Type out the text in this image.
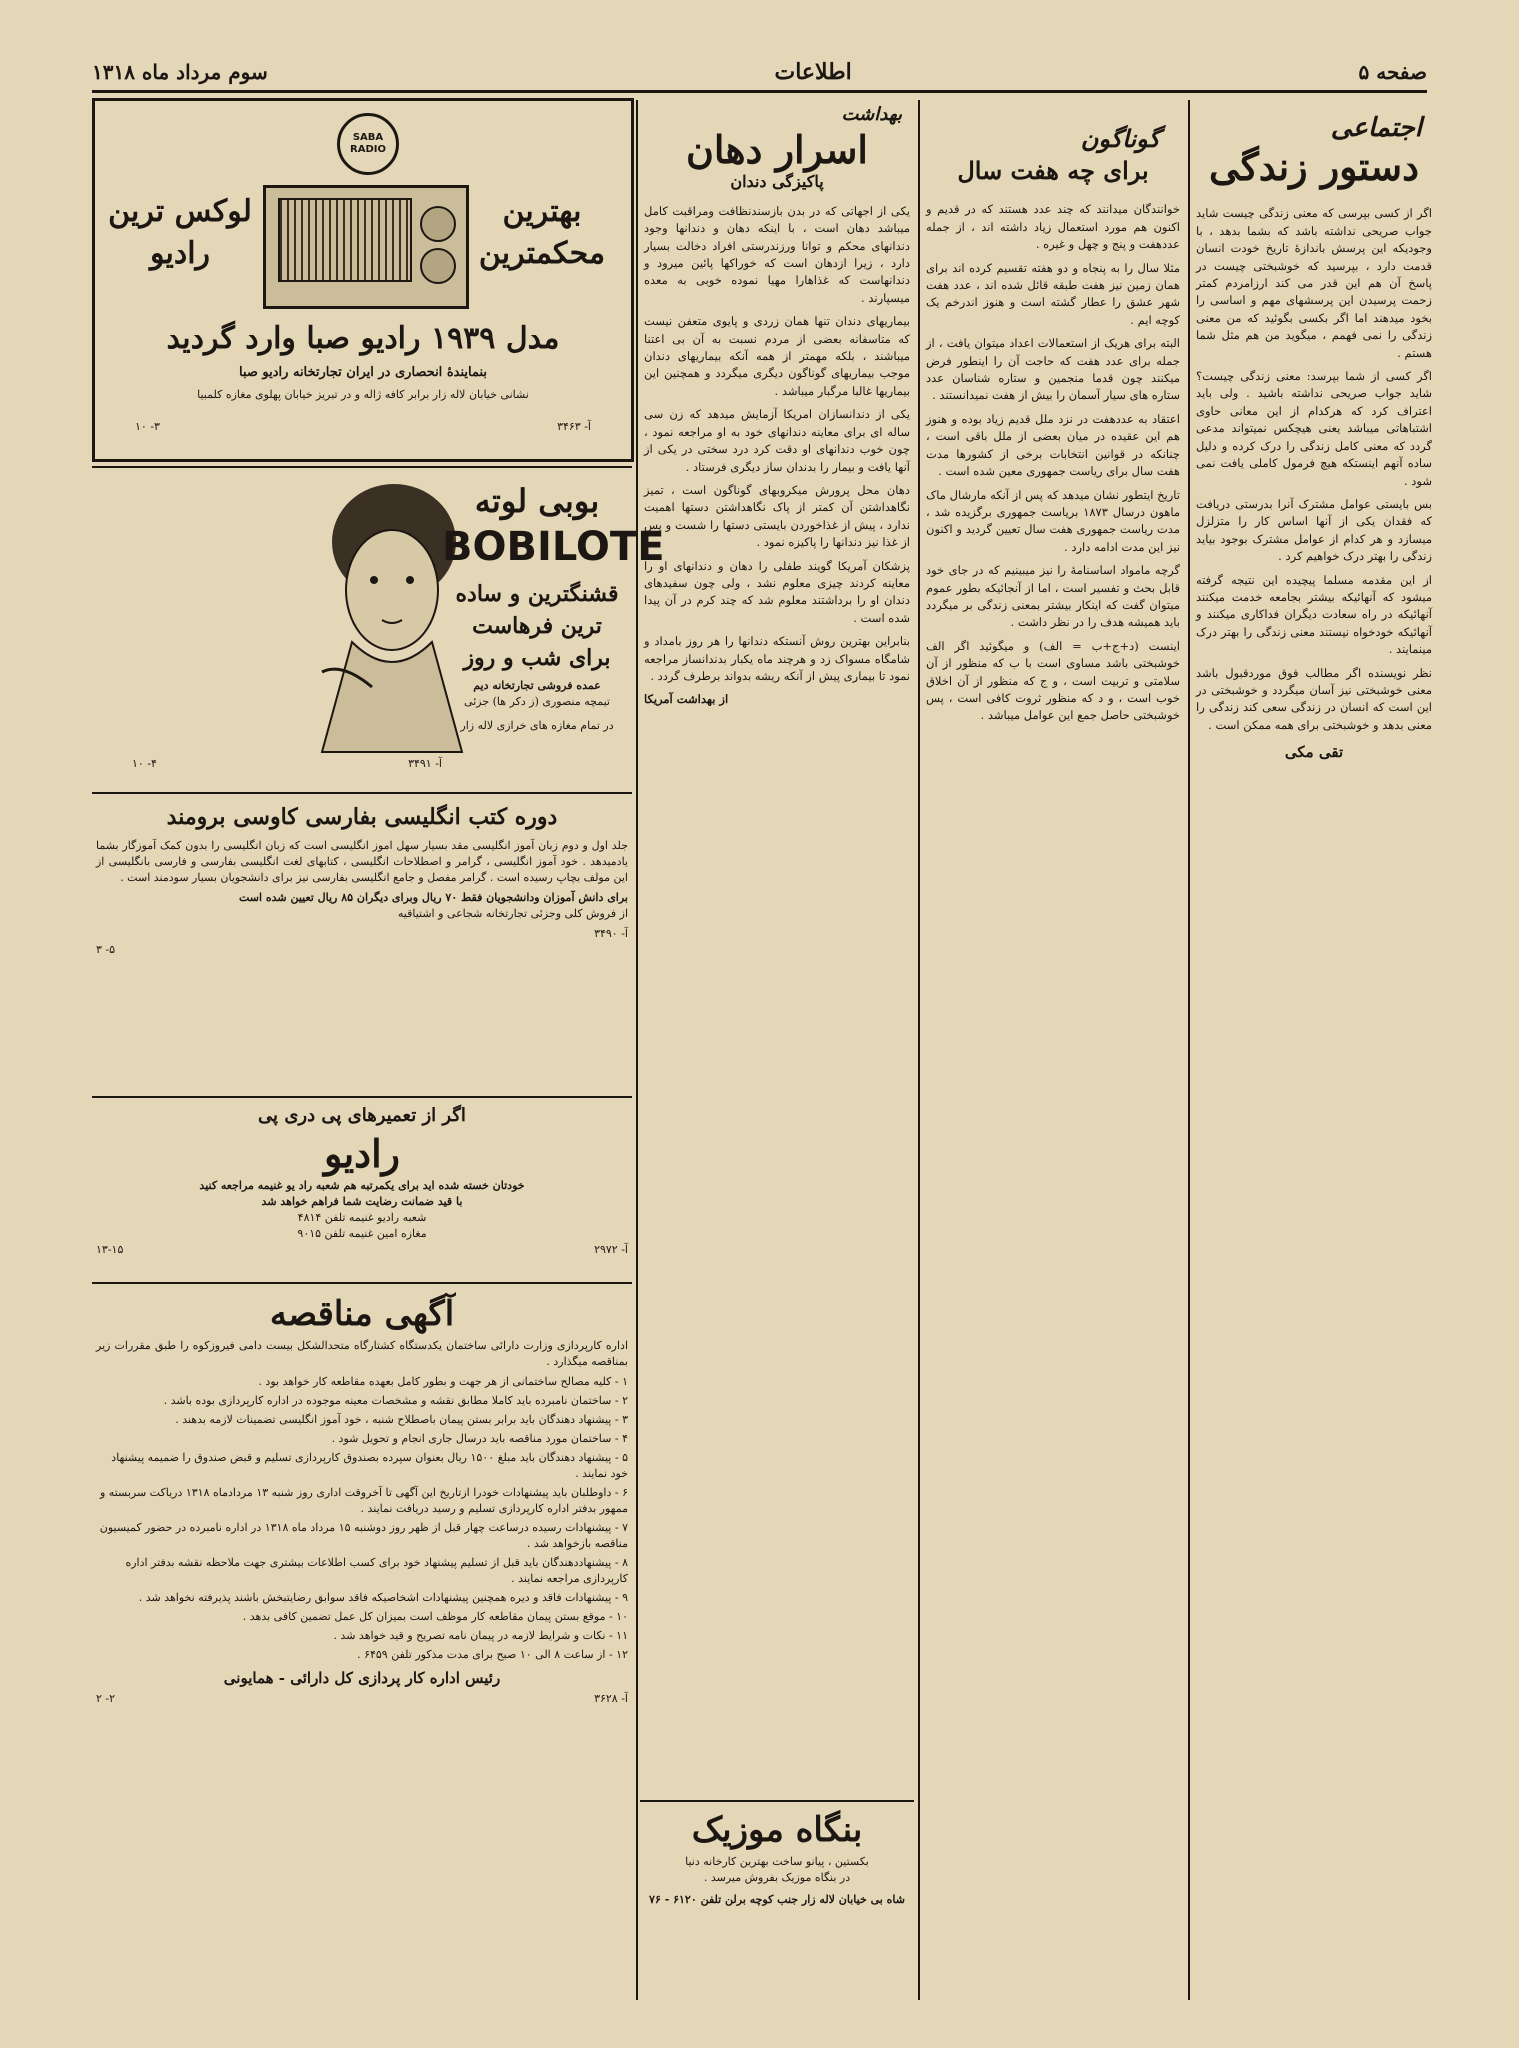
سوم مرداد ماه ۱۳۱۸	اطلاعات	صفحه ۵
اجتماعی
دستور زندگی

اگر از کسی بپرسی که معنی زندگی چیست شاید جواب صریحی نداشته باشد که بشما بدهد ، با وجودیکه این پرسش باندازهٔ تاریخ خودت انسان قدمت دارد ، بپرسید که خوشبختی چیست در پاسخ آن هم این قدر می کند ارزامردم کمتر زحمت پرسیدن این پرسشهای مهم و اساسی را بخود میدهند اما اگر بکسی بگوئید که من معنی زندگی را نمی فهمم ، میگوید من هم مثل شما هستم .

اگر کسی از شما بپرسد: معنی زندگی چیست؟ شاید جواب صریحی نداشته باشید . ولی باید اعتراف کرد که هرکدام از این معانی حاوی اشتباهاتی میباشد یعنی هیچکس نمیتواند مدعی گردد که معنی کامل زندگی را درک کرده و دلیل ساده آنهم اینستکه هیچ فرمول کاملی یافت نمی شود .

بس بایستی عوامل مشترک آنرا بدرستی دریافت که فقدان یکی از آنها اساس کار را متزلزل میسازد و هر کدام از عوامل مشترک بوجود بیاید زندگی را بهتر درک خواهیم کرد .

از این مقدمه مسلما پیچیده این نتیجه گرفته میشود که آنهائیکه بیشتر بجامعه خدمت میکنند آنهائیکه در راه سعادت دیگران فداکاری میکنند و آنهائیکه خودخواه نیستند معنی زندگی را بهتر درک مینمایند .

نظر نویسنده اگر مطالب فوق موردقبول باشد معنی خوشبختی نیز آسان میگردد و خوشبختی در این است که انسان در زندگی سعی کند زندگی را معنی بدهد و خوشبختی برای همه ممکن است .

تقی مکی

گوناگون
برای چه هفت سال

خوانندگان میدانند که چند عدد هستند که در قدیم و اکنون هم مورد استعمال زیاد داشته اند ، از جمله عددهفت و پنج و چهل و غیره .

مثلا سال را به پنجاه و دو هفته تقسیم کرده اند برای همان زمین نیز هفت طبقه قائل شده اند ، عدد هفت شهر عشق را عطار گشته است و هنوز اندرخم یک کوچه ایم .

البته برای هریک از استعمالات اعداد میتوان یافت ، از جمله برای عدد هفت که حاجت آن را اینطور فرض میکنند چون قدما منجمین و ستاره شناسان عدد ستاره های سیار آسمان را بیش از هفت نمیدانستند .

اعتقاد به عددهفت در نزد ملل قدیم زیاد بوده و هنوز هم این عقیده در میان بعضی از ملل باقی است ، چنانکه در قوانین انتخابات برخی از کشورها مدت هفت سال برای ریاست جمهوری معین شده است .

تاریخ ایتطور نشان میدهد که پس از آنکه مارشال ماک ماهون درسال ۱۸۷۳ بریاست جمهوری برگزیده شد ، مدت ریاست جمهوری هفت سال تعیین گردید و اکنون نیز این مدت ادامه دارد .

گرچه مامواد اساسنامهٔ را نیز میبینیم که در جای خود قابل بحث و تفسیر است ، اما از آنجائیکه بطور عموم میتوان گفت که اینکار بیشتر بمعنی زندگی بر میگردد باید همیشه هدف را در نظر داشت .

اینست (د+ج+ب = الف) و میگوئید اگر الف خوشبختی باشد مساوی است با ب که منظور از آن سلامتی و تربیت است ، و ج که منظور از آن اخلاق خوب است ، و د که منظور ثروت کافی است ، پس خوشبختی حاصل جمع این عوامل میباشد .

بهداشت
اسرار دهان
پاکیزگی دندان

یکی از اجهاتی که در بدن بازسندنظافت ومراقبت کامل میباشد دهان است ، با اینکه دهان و دندانها وجود دندانهای محکم و توانا ورزندرستی افراد دخالت بسیار دارد ، زیرا ازدهان است که خوراکها پائین میرود و دندانهاست که غذاهارا مهیا نموده خوبی به معده میسپارند .

بیماریهای دندان تنها همان زردی و پایوی متعفن نیست که متاسفانه بعضی از مردم نسبت به آن بی اعتنا میباشند ، بلکه مهمتر از همه آنکه بیماریهای دندان موجب بیماریهای گوناگون دیگری میگردد و همچنین این بیماریها غالبا مرگبار میباشد .

یکی از دندانسازان امریکا آزمایش میدهد که زن سی ساله ای برای معاینه دندانهای خود به او مراجعه نمود ، چون خوب دندانهای او دقت کرد درد سختی در یکی از آنها یافت و بیمار را بدندان ساز دیگری فرستاد .

دهان محل پرورش میکروبهای گوناگون است ، تمیز نگاهداشتن آن کمتر از پاک نگاهداشتن دستها اهمیت ندارد ، پیش از غذاخوردن بایستی دستها را شست و پس از غذا نیز دندانها را پاکیزه نمود .

پزشکان آمریکا گویند طفلی را دهان و دندانهای او را معاینه کردند چیزی معلوم نشد ، ولی چون سفیدهای دندان او را برداشتند معلوم شد که چند کرم در آن پیدا شده است .

بنابراین بهترین روش آنستکه دندانها را هر روز بامداد و شامگاه مسواک زد و هرچند ماه یکبار بدندانساز مراجعه نمود تا بیماری پیش از آنکه ریشه بدواند برطرف گردد .

از بهداشت آمریکا

بنگاه موزیک
بکستین ، پیانو ساخت بهترین کارخانه دنیا
در بنگاه موزیک بفروش میرسد .
شاه بی خیابان لاله زار جنب کوچه برلن تلفن ۶۱۲۰ - ۷۶
SABA RADIO
بهترین
محکمترین
لوکس ترین
رادیو
مدل ۱۹۳۹ رادیو صبا وارد گردید
بنمایندهٔ انحصاری در ایران تجارتخانه رادیو صبا
نشانی خیابان لاله زار برابر کافه ژاله و در تبریز خیابان پهلوی مغازه کلمبیا
آ- ۳۴۶۳
۳- ۱۰
بوبی لوته
BOBILOTE
قشنگترین و ساده
ترین فرهاست
برای شب و روز
عمده فروشی تجارتخانه دیم
تیمچه منصوری (ز دکر ها) جزئی
در تمام مغازه های خرازی لاله زار
آ- ۳۴۹۱
۴- ۱۰
دوره کتب انگلیسی بفارسی کاوسی برومند
جلد اول و دوم زبان آموز انگلیسی مقد بسیار سهل اموز انگلیسی است که زبان انگلیسی را بدون کمک آموزگار بشما یادمیدهد . خود آموز انگلیسی ، گرامر و اصطلاحات انگلیسی ، کتابهای لغت انگلیسی بفارسی و فارسی بانگلیسی از این مولف بچاپ رسیده است . گرامر مفصل و جامع انگلیسی بفارسی نیز برای دانشجویان بسیار سودمند است .
برای دانش آموزان ودانشجویان فقط ۷۰ ریال وبرای دیگران ۸۵ ریال تعیین شده است
از فروش کلی وجزئی تجارتخانه شجاعی و اشتیاقیه
آ- ۳۴۹۰
۵- ۳
اگر از تعمیرهای پی دری پی
رادیو
خودتان خسته شده اید برای یکمرتبه هم شعبه راد یو غنیمه مراجعه کنید
با قید ضمانت رضایت شما فراهم خواهد شد
شعبه رادیو غنیمه تلفن ۴۸۱۴
مغازه امین غنیمه تلفن ۹۰۱۵
آ- ۲۹۷۲
۱۳-۱۵
آگهی مناقصه
اداره کارپردازی وزارت دارائی ساختمان یکدستگاه کشتارگاه متحدالشکل بیست دامی فیروزکوه را طبق مقررات زیر بمناقصه میگذارد .
۱ - کلیه مصالح ساختمانی از هر جهت و بطور کامل بعهده مقاطعه کار خواهد بود .
۲ - ساختمان نامبرده باید کاملا مطابق نقشه و مشخصات معینه موجوده در اداره کارپردازی بوده باشد .
۳ - پیشنهاد دهندگان باید برابر بستن پیمان باصطلاح شنبه ، خود آموز انگلیسی تضمینات لازمه بدهند .
۴ - ساختمان مورد مناقصه باید درسال جاری انجام و تحویل شود .
۵ - پیشنهاد دهندگان باید مبلغ ۱۵۰۰ ریال بعنوان سپرده بصندوق کارپردازی تسلیم و قبض صندوق را ضمیمه پیشنهاد خود نمایند .
۶ - داوطلبان باید پیشنهادات خودرا ازتاریخ این آگهی تا آخروقت اداری روز شنبه ۱۳ مردادماه ۱۳۱۸ دریاکت سربسته و ممهور بدفتر اداره کارپردازی تسلیم و رسید دریافت نمایند .
۷ - پیشنهادات رسیده درساعت چهار قبل از ظهر روز دوشنبه ۱۵ مرداد ماه ۱۳۱۸ در اداره نامبرده در حضور کمیسیون مناقصه بازخواهد شد .
۸ - پیشنهاددهندگان باید قبل از تسلیم پیشنهاد خود برای کسب اطلاعات بیشتری جهت ملاحظه نقشه بدفتر اداره کارپردازی مراجعه نمایند .
۹ - پیشنهادات فاقد و دیره همچنین پیشنهادات اشخاصیکه فاقد سوابق رضایتبخش باشند پذیرفته نخواهد شد .
۱۰ - موقع بستن پیمان مقاطعه کار موظف است بمیزان کل عمل تضمین کافی بدهد .
۱۱ - نکات و شرایط لازمه در پیمان نامه تصریح و قید خواهد شد .
۱۲ - از ساعت ۸ الی ۱۰ صبح برای مدت مذکور تلفن ۶۴۵۹ .
رئیس اداره کار پردازی کل دارائی - همایونی
آ- ۳۶۲۸
۲- ۲
